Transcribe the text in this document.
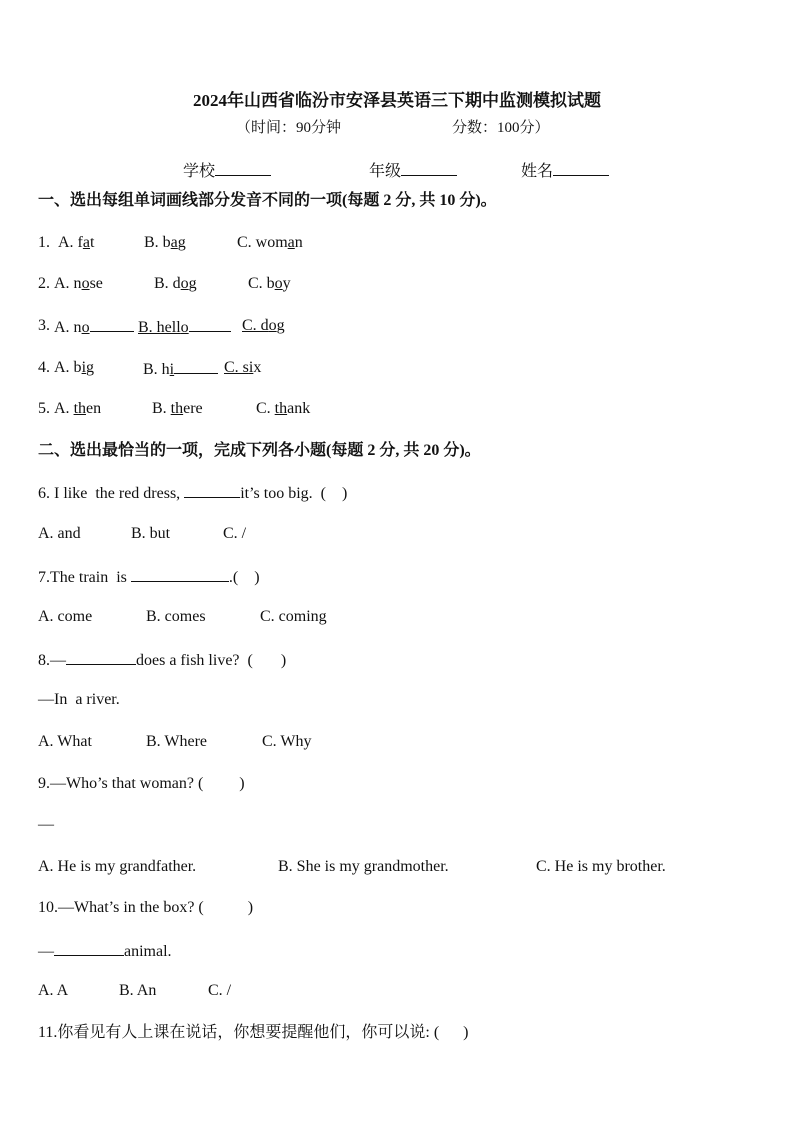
2024年山西省临汾市安泽县英语三下期中监测模拟试题
（时间：90分钟	分数：100分）
学校	年级	姓名
一、选出每组单词画线部分发音不同的一项(每题 2 分, 共 10 分)。
1. A. fat	B. bag	C. woman
2. A. nose	B. dog	C. boy
3. A. no	B. hello	C. dog
4. A. big	B. hi	C. six
5. A. then	B. there	C. thank
二、选出最恰当的一项，完成下列各小题(每题 2 分, 共 20 分)。
6. I like  the red dress,	it’s too big.  (    )
A. and	B. but	C. /
7.The train  is	.(    )
A. come	B. comes	C. coming
8.—	does a fish live?  (       )
—In  a river.
A. What	B. Where	C. Why
9.—Who’s that woman? (         )
—
A. He is my grandfather.	B. She is my grandmother.	C. He is my brother.
10.—What’s in the box? (           )
—	animal.
A. A	B. An	C. /
11.你看见有人上课在说话，你想要提醒他们，你可以说: (      )
